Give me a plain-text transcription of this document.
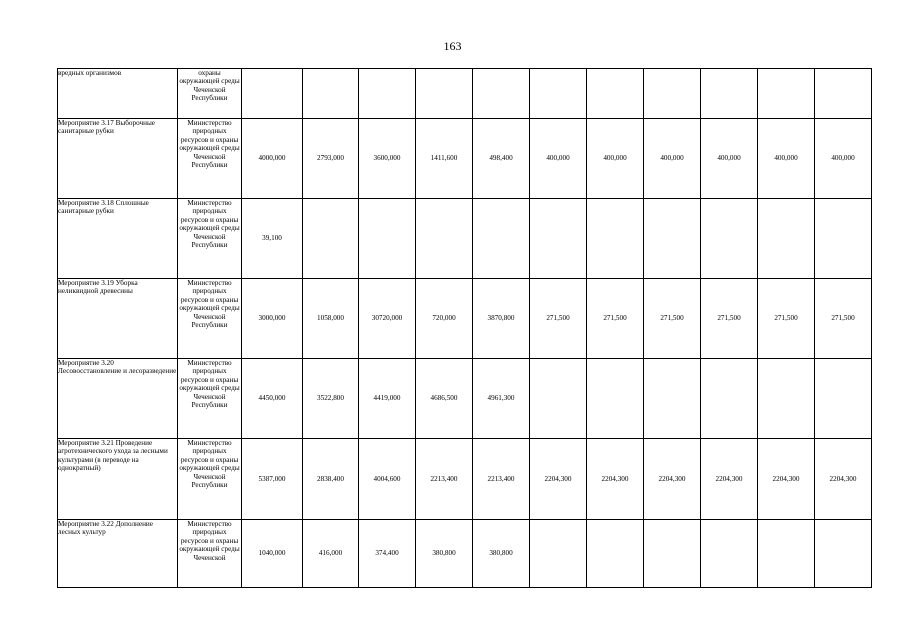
163
вредных организмов	охраны окружающей среды Чеченской Республики											
Мероприятие 3.17 Выборочные санитарные рубки	Министерство природных ресурсов и охраны окружающей среды Чеченской Республики	4000,000	2793,000	3600,000	1411,600	498,400	400,000	400,000	400,000	400,000	400,000	400,000
Мероприятие 3.18 Сплошные санитарные рубки	Министерство природных ресурсов и охраны окружающей среды Чеченской Республики	39,100										
Мероприятие 3.19 Уборка неликвидной древесины	Министерство природных ресурсов и охраны окружающей среды Чеченской Республики	3000,000	1058,000	30720,000	720,000	3870,800	271,500	271,500	271,500	271,500	271,500	271,500
Мероприятие 3.20 Лесовосстановление и лесоразведение	Министерство природных ресурсов и охраны окружающей среды Чеченской Республики	4450,000	3522,800	4419,000	4686,500	4961,300						
Мероприятие 3.21 Проведение агротехнического ухода за лесными культурами (в переводе на однократный)	Министерство природных ресурсов и охраны окружающей среды Чеченской Республики	5387,000	2838,400	4004,600	2213,400	2213,400	2204,300	2204,300	2204,300	2204,300	2204,300	2204,300
Мероприятие 3.22 Дополнение лесных культур	Министерство природных ресурсов и охраны окружающей среды Чеченской	1040,000	416,000	374,400	380,800	380,800						
